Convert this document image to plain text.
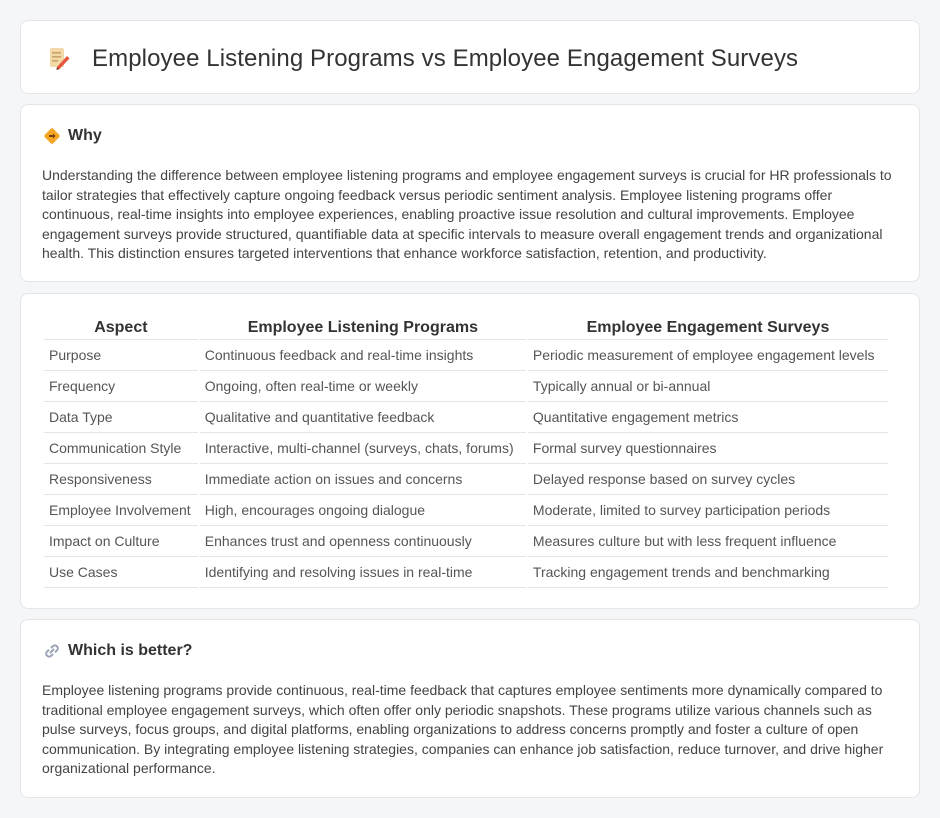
Employee Listening Programs vs Employee Engagement Surveys
Why

Understanding the difference between employee listening programs and employee engagement surveys is crucial for HR professionals to tailor strategies that effectively capture ongoing feedback versus periodic sentiment analysis. Employee listening programs offer continuous, real-time insights into employee experiences, enabling proactive issue resolution and cultural improvements. Employee engagement surveys provide structured, quantifiable data at specific intervals to measure overall engagement trends and organizational health. This distinction ensures targeted interventions that enhance workforce satisfaction, retention, and productivity.

Aspect	Employee Listening Programs	Employee Engagement Surveys
Purpose	Continuous feedback and real-time insights	Periodic measurement of employee engagement levels
Frequency	Ongoing, often real-time or weekly	Typically annual or bi-annual
Data Type	Qualitative and quantitative feedback	Quantitative engagement metrics
Communication Style	Interactive, multi-channel (surveys, chats, forums)	Formal survey questionnaires
Responsiveness	Immediate action on issues and concerns	Delayed response based on survey cycles
Employee Involvement	High, encourages ongoing dialogue	Moderate, limited to survey participation periods
Impact on Culture	Enhances trust and openness continuously	Measures culture but with less frequent influence
Use Cases	Identifying and resolving issues in real-time	Tracking engagement trends and benchmarking
Which is better?

Employee listening programs provide continuous, real-time feedback that captures employee sentiments more dynamically compared to traditional employee engagement surveys, which often offer only periodic snapshots. These programs utilize various channels such as pulse surveys, focus groups, and digital platforms, enabling organizations to address concerns promptly and foster a culture of open communication. By integrating employee listening strategies, companies can enhance job satisfaction, reduce turnover, and drive higher organizational performance.
